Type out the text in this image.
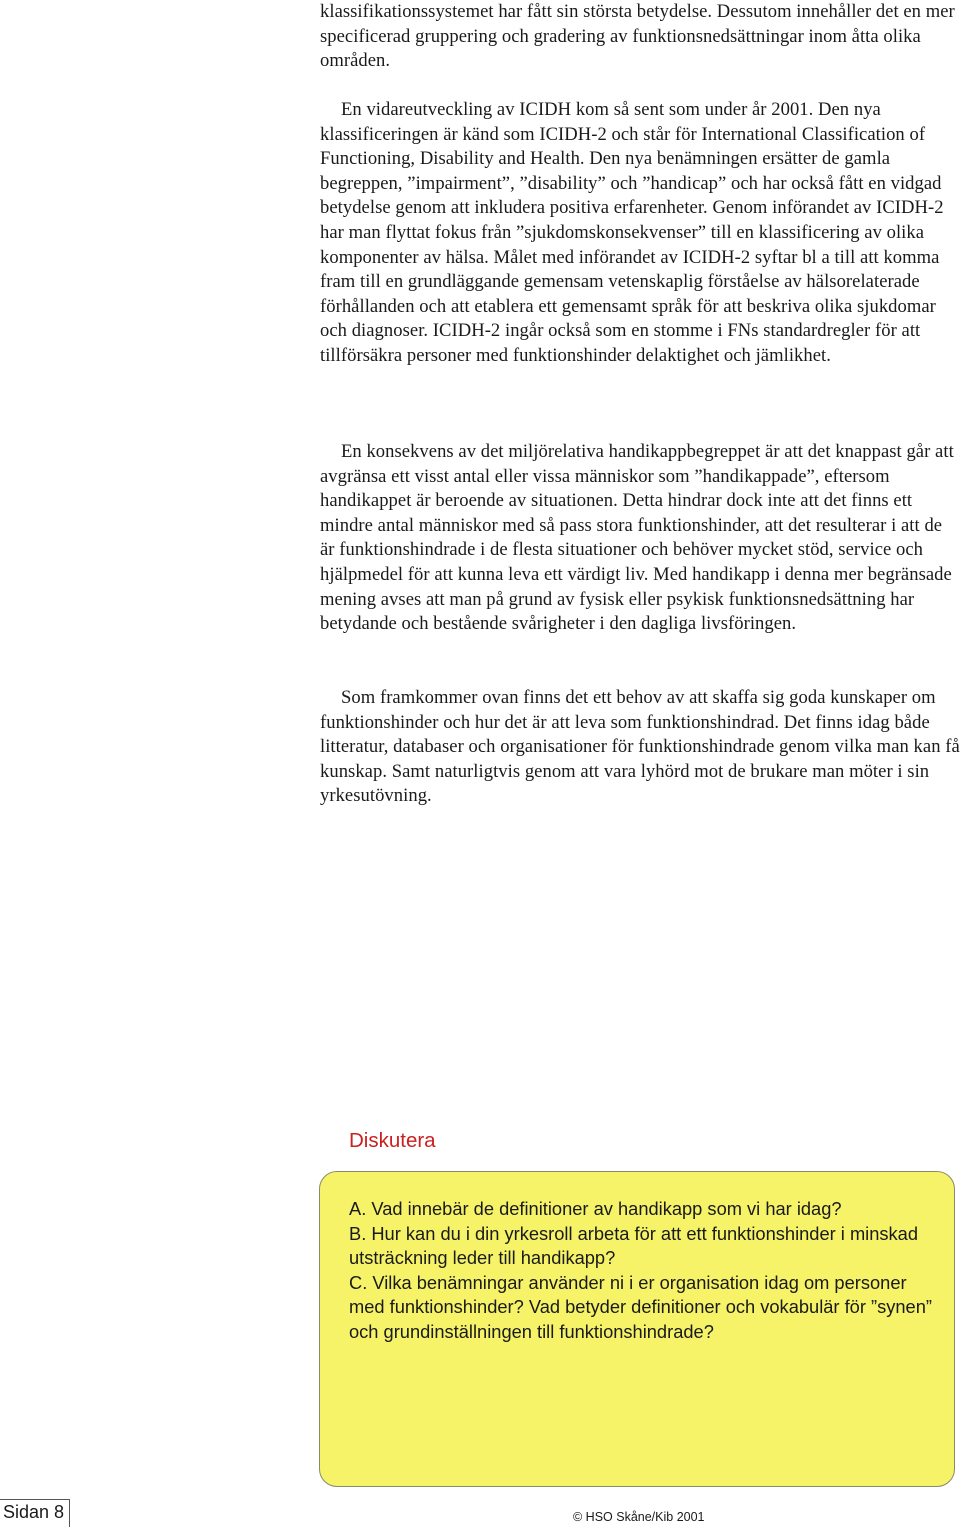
klassifikationssystemet har fått sin största betydelse. Dessutom innehåller det en mer specificerad gruppering och gradering av funktionsnedsättningar inom åtta olika områden.

En vidareutveckling av ICIDH kom så sent som under år 2001. Den nya klassificeringen är känd som ICIDH-2 och står för International Classification of Functioning, Disability and Health. Den nya benämningen ersätter de gamla begreppen, ”impairment”, ”disability” och ”handicap” och har också fått en vidgad betydelse genom att inkludera positiva erfarenheter. Genom införandet av ICIDH-2 har man flyttat fokus från ”sjukdomskonsekvenser” till en klassificering av olika komponenter av hälsa. Målet med införandet av ICIDH-2 syftar bl a till att komma fram till en grundläggande gemensam vetenskaplig förståelse av hälsorelaterade förhållanden och att etablera ett gemensamt språk för att beskriva olika sjukdomar och diagnoser. ICIDH-2 ingår också som en stomme i FNs standardregler för att tillförsäkra personer med funktionshinder delaktighet och jämlikhet.

En konsekvens av det miljörelativa handikappbegreppet är att det knappast går att avgränsa ett visst antal eller vissa människor som ”handikappade”, eftersom handikappet är beroende av situationen. Detta hindrar dock inte att det finns ett mindre antal människor med så pass stora funktionshinder, att det resulterar i att de är funktionshindrade i de flesta situationer och behöver mycket stöd, service och hjälpmedel för att kunna leva ett värdigt liv. Med handikapp i denna mer begränsade mening avses att man på grund av fysisk eller psykisk funktionsnedsättning har betydande och bestående svårigheter i den dagliga livsföringen.

Som framkommer ovan finns det ett behov av att skaffa sig goda kunskaper om funktionshinder och hur det är att leva som funktionshindrad. Det finns idag både litteratur, databaser och organisationer för funktionshindrade genom vilka man kan få kunskap. Samt naturligtvis genom att vara lyhörd mot de brukare man möter i sin yrkesutövning.

Diskutera

A. Vad innebär de definitioner av handikapp som vi har idag?

B. Hur kan du i din yrkesroll arbeta för att ett funktionshinder i minskad utsträckning leder till handikapp?

C. Vilka benämningar använder ni i er organisation idag om personer med funktionshinder? Vad betyder definitioner och vokabulär för ”synen” och grundinställningen till funktionshindrade?

Sidan 8	© HSO Skåne/Kib 2001
